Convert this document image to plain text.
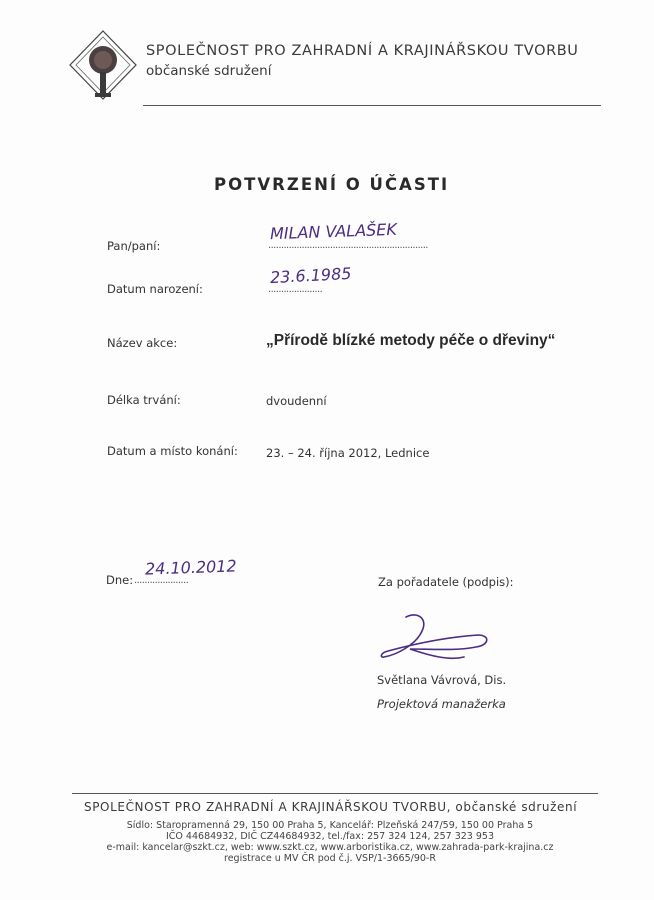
SPOLEČNOST PRO ZAHRADNÍ A KRAJINÁŘSKOU TVORBU
občanské sdružení
POTVRZENÍ O ÚČASTI
Pan/paní:
MILAN VALAŠEK
..............................................................
Datum narození:
23.6.1985
.....................
Název akce:	„Přírodě blízké metody péče o dřeviny“
Délka trvání:	dvoudenní
Datum a místo konání: 23. – 24. října 2012, Lednice
Dne:
24.10.2012
.....................	Za pořadatele (podpis):
Světlana Vávrová, Dis.
Projektová manažerka
SPOLEČNOST PRO ZAHRADNÍ A KRAJINÁŘSKOU TVORBU, občanské sdružení
Sídlo: Staropramenná 29, 150 00 Praha 5, Kancelář: Plzeňská 247/59, 150 00 Praha 5
IČO 44684932, DIČ CZ44684932, tel./fax: 257 324 124, 257 323 953
e-mail: kancelar@szkt.cz, web: www.szkt.cz, www.arboristika.cz, www.zahrada-park-krajina.cz
registrace u MV ČR pod č.j. VSP/1-3665/90-R
